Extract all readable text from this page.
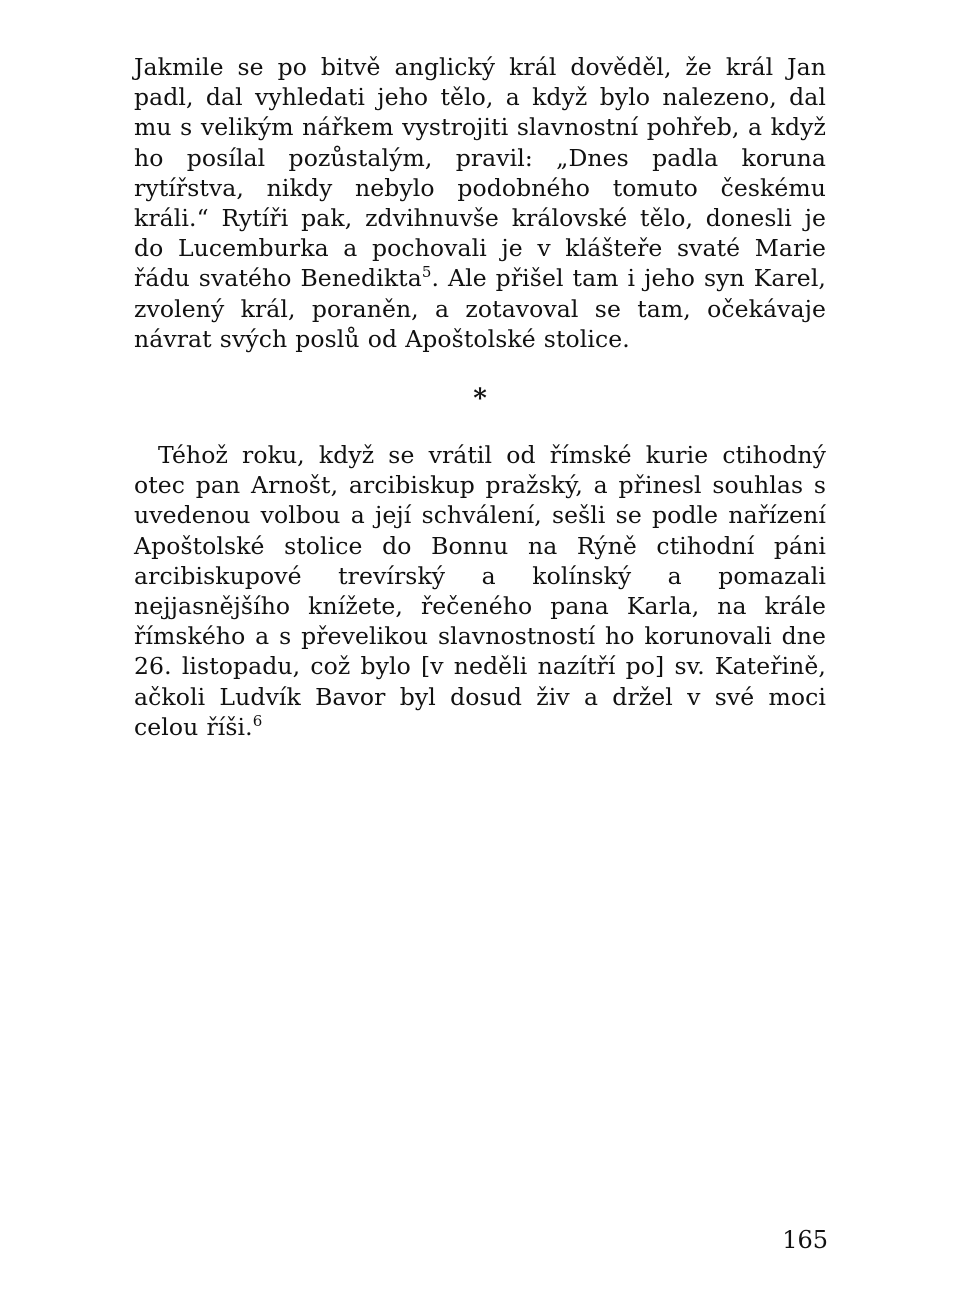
Jakmile se po bitvě anglický král dověděl, že král Jan padl, dal vyhledati jeho tělo, a když bylo nalezeno, dal mu s velikým nářkem vystrojiti slavnostní pohřeb, a když ho posílal pozůstalým, pravil: „Dnes padla koruna rytířstva, nikdy nebylo podobného tomuto českému králi.“ Rytíři pak, zdvihnuvše královské tělo, donesli je do Lucemburka a pochovali je v klášteře svaté Marie řádu svatého Benedikta$^5$. Ale přišel tam i jeho syn Karel, zvolený král, poraněn, a zotavoval se tam, očekávaje návrat svých poslů od Apoštolské stolice.

*

Téhož roku, když se vrátil od římské kurie ctihodný otec pan Arnošt, arcibiskup pražský, a přinesl souhlas s uvedenou volbou a její schválení, sešli se podle nařízení Apoštolské stolice do Bonnu na Rýně ctihodní páni arcibiskupové trevírský a kolínský a pomazali nejjasnějšího knížete, řečeného pana Karla, na krále římského a s převelikou slavnostností ho korunovali dne 26. listopadu, což bylo [v neděli nazítří po] sv. Kateřině, ačkoli Ludvík Bavor byl dosud živ a držel v své moci celou říši.$^6$

165
